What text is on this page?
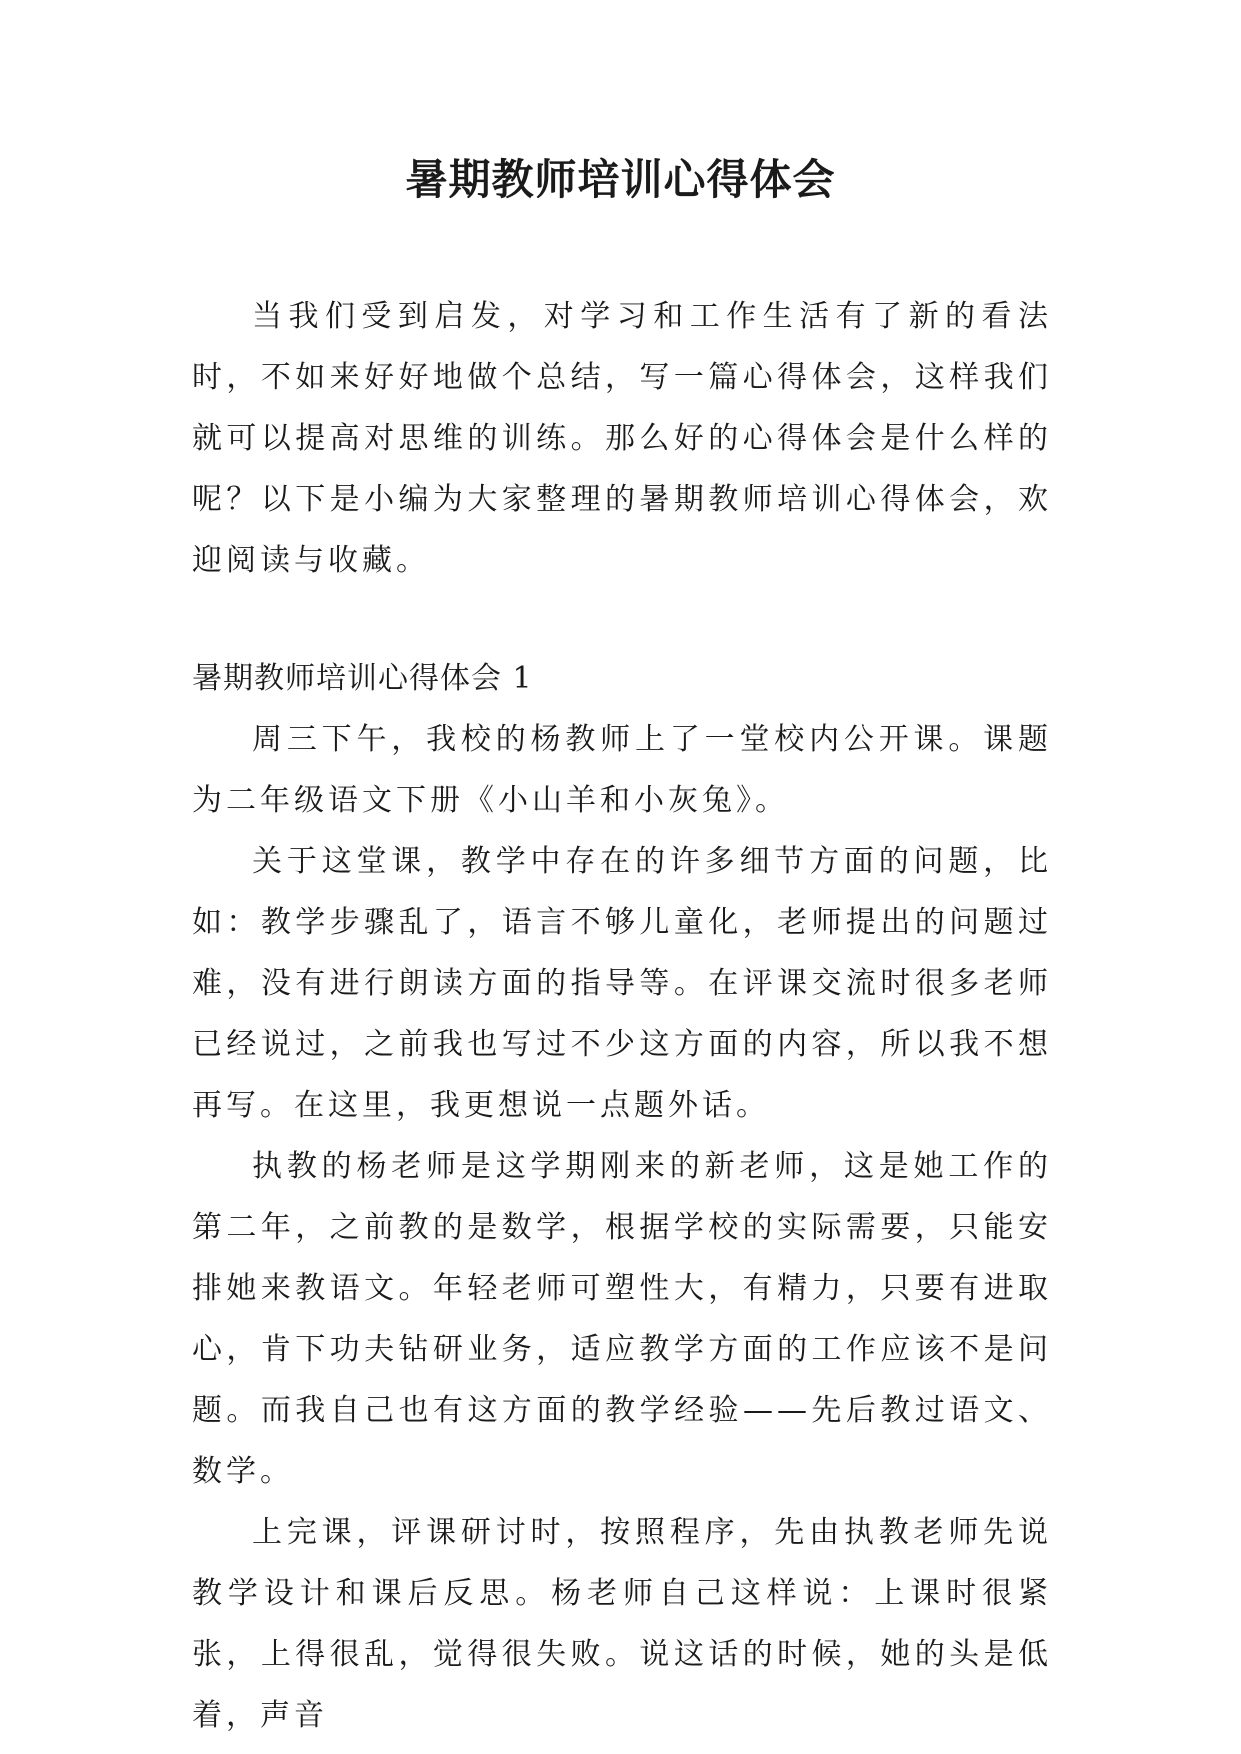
暑期教师培训心得体会

当我们受到启发，对学习和工作生活有了新的看法时，不如来好好地做个总结，写一篇心得体会，这样我们就可以提高对思维的训练。那么好的心得体会是什么样的呢？以下是小编为大家整理的暑期教师培训心得体会，欢迎阅读与收藏。

暑期教师培训心得体会 1

周三下午，我校的杨教师上了一堂校内公开课。课题为二年级语文下册《小山羊和小灰兔》。

关于这堂课，教学中存在的许多细节方面的问题，比如：教学步骤乱了，语言不够儿童化，老师提出的问题过难，没有进行朗读方面的指导等。在评课交流时很多老师已经说过，之前我也写过不少这方面的内容，所以我不想再写。在这里，我更想说一点题外话。

执教的杨老师是这学期刚来的新老师，这是她工作的第二年，之前教的是数学，根据学校的实际需要，只能安排她来教语文。年轻老师可塑性大，有精力，只要有进取心，肯下功夫钻研业务，适应教学方面的工作应该不是问题。而我自己也有这方面的教学经验——先后教过语文、数学。

上完课，评课研讨时，按照程序，先由执教老师先说教学设计和课后反思。杨老师自己这样说：上课时很紧张，上得很乱，觉得很失败。说这话的时候，她的头是低着，声音
